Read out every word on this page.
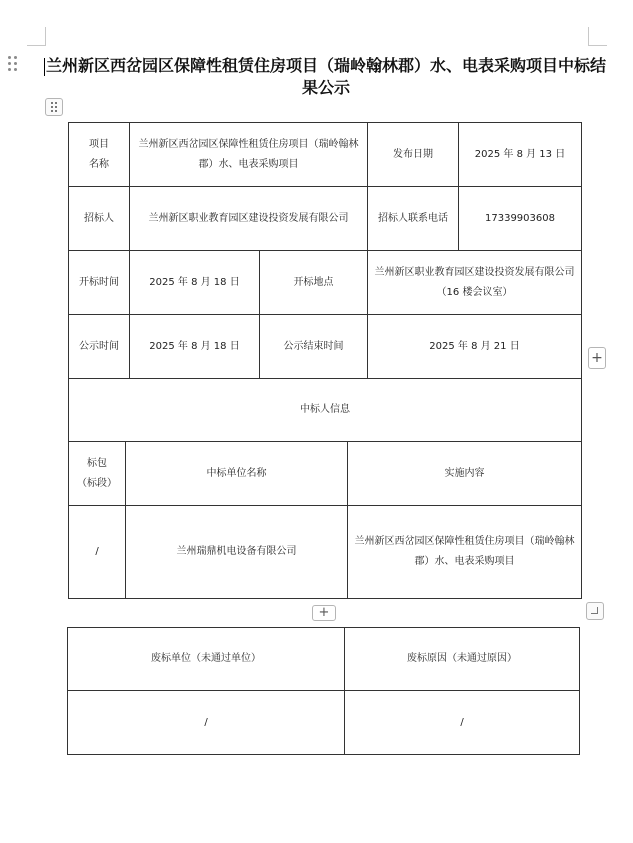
兰州新区西岔园区保障性租赁住房项目（瑞岭翰林郡）水、电表采购项目中标结果公示
项目
名称	兰州新区西岔园区保障性租赁住房项目（瑞岭翰林郡）水、电表采购项目		发布日期	2025 年 8 月 13 日
招标人	兰州新区职业教育园区建设投资发展有限公司		招标人联系电话	17339903608
开标时间	2025 年 8 月 18 日	开标地点	兰州新区职业教育园区建设投资发展有限公司（16 楼会议室）	
公示时间	2025 年 8 月 18 日	公示结束时间	2025 年 8 月 21 日	
中标人信息				
标包
（标段）	中标单位名称	实施内容
/	兰州瑞鼎机电设备有限公司	兰州新区西岔园区保障性租赁住房项目（瑞岭翰林郡）水、电表采购项目
+
+
废标单位（未通过单位）	废标原因（未通过原因）
/	/
